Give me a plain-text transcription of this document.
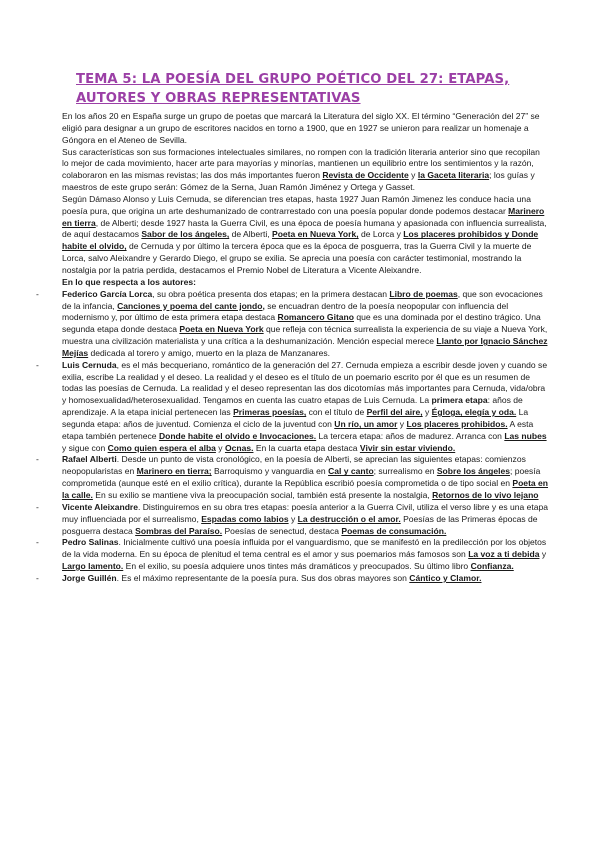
TEMA 5: LA POESÍA DEL GRUPO POÉTICO DEL 27: ETAPAS, AUTORES Y OBRAS REPRESENTATIVAS

En los años 20 en España surge un grupo de poetas que marcará la Literatura del siglo XX. El término “Generación del 27” se eligió para designar a un grupo de escritores nacidos en torno a 1900, que en 1927 se unieron para realizar un homenaje a Góngora en el Ateneo de Sevilla.

Sus características son sus formaciones intelectuales similares, no rompen con la tradición literaria anterior sino que recopilan lo mejor de cada movimiento, hacer arte para mayorías y minorías, mantienen un equilibrio entre los sentimientos y la razón, colaboraron en las mismas revistas; las dos más importantes fueron Revista de Occidente y la Gaceta literaria; los guías y maestros de este grupo serán: Gómez de la Serna, Juan Ramón Jiménez y Ortega y Gasset.

Según Dámaso Alonso y Luis Cernuda, se diferencian tres etapas, hasta 1927 Juan Ramón Jimenez les conduce hacia una poesía pura, que origina un arte deshumanizado de contrarrestado con una poesía popular donde podemos destacar Marinero en tierra, de Alberti; desde 1927 hasta la Guerra Civil, es una época de poesía humana y apasionada con influencia surrealista, de aquí destacamos Sabor de los ángeles, de Alberti, Poeta en Nueva York, de Lorca y Los placeres prohibidos y Donde habite el olvido, de Cernuda y por último la tercera época que es la época de posguerra, tras la Guerra Civil y la muerte de Lorca, salvo Aleixandre y Gerardo Diego, el grupo se exilia. Se aprecia una poesía con carácter testimonial, mostrando la nostalgia por la patria perdida, destacamos el Premio Nobel de Literatura a Vicente Aleixandre.

En lo que respecta a los autores:

-	Federico García Lorca, su obra poética presenta dos etapas; en la primera destacan Libro de poemas, que son evocaciones de la infancia, Canciones y poema del cante jondo, se encuadran dentro de la poesía neopopular con influencia del modernismo y, por último de esta primera etapa destaca Romancero Gitano que es una dominada por el destino trágico. Una segunda etapa donde destaca Poeta en Nueva York que refleja con técnica surrealista la experiencia de su viaje a Nueva York, muestra una civilización materialista y una crítica a la deshumanización. Mención especial merece Llanto por Ignacio Sánchez Mejías dedicada al torero y amigo, muerto en la plaza de Manzanares.

-	Luis Cernuda, es el más becqueriano, romántico de la generación del 27. Cernuda empieza a escribir desde joven y cuando se exilia, escribe La realidad y el deseo. La realidad y el deseo es el título de un poemario escrito por él que es un resumen de todas las poesías de Cernuda. La realidad y el deseo representan las dos dicotomías más importantes para Cernuda, vida/obra y homosexualidad/heterosexualidad. Tengamos en cuenta las cuatro etapas de Luis Cernuda. La primera etapa: años de aprendizaje. A la etapa inicial pertenecen las Primeras poesías, con el título de Perfil del aire, y Égloga, elegía y oda. La segunda etapa: años de juventud. Comienza el ciclo de la juventud con Un río, un amor y Los placeres prohibidos. A esta etapa también pertenece Donde habite el olvido e Invocaciones. La tercera etapa: años de madurez. Arranca con Las nubes y sigue con Como quien espera el alba y Ocnas. En la cuarta etapa destaca Vivir sin estar viviendo.

-	Rafael Alberti. Desde un punto de vista cronológico, en la poesía de Alberti, se aprecian las siguientes etapas: comienzos neopopularistas en Marinero en tierra; Barroquismo y vanguardia en Cal y canto; surrealismo en Sobre los ángeles; poesía comprometida (aunque esté en el exilio crítica), durante la República escribió poesía comprometida o de tipo social en Poeta en la calle. En su exilio se mantiene viva la preocupación social, también está presente la nostalgia, Retornos de lo vivo lejano

-	Vicente Aleixandre. Distinguiremos en su obra tres etapas: poesía anterior a la Guerra Civil, utiliza el verso libre y es una etapa muy influenciada por el surrealismo, Espadas como labios y La destrucción o el amor. Poesías de las Primeras épocas de posguerra destaca Sombras del Paraíso. Poesías de senectud, destaca Poemas de consumación.

-	Pedro Salinas. Inicialmente cultivó una poesía influida por el vanguardismo, que se manifestó en la predilección por los objetos de la vida moderna. En su época de plenitud el tema central es el amor y sus poemarios más famosos son La voz a ti debida y Largo lamento. En el exilio, su poesía adquiere unos tintes más dramáticos y preocupados. Su último libro Confianza.

-	Jorge Guillén. Es el máximo representante de la poesía pura. Sus dos obras mayores son Cántico y Clamor.
